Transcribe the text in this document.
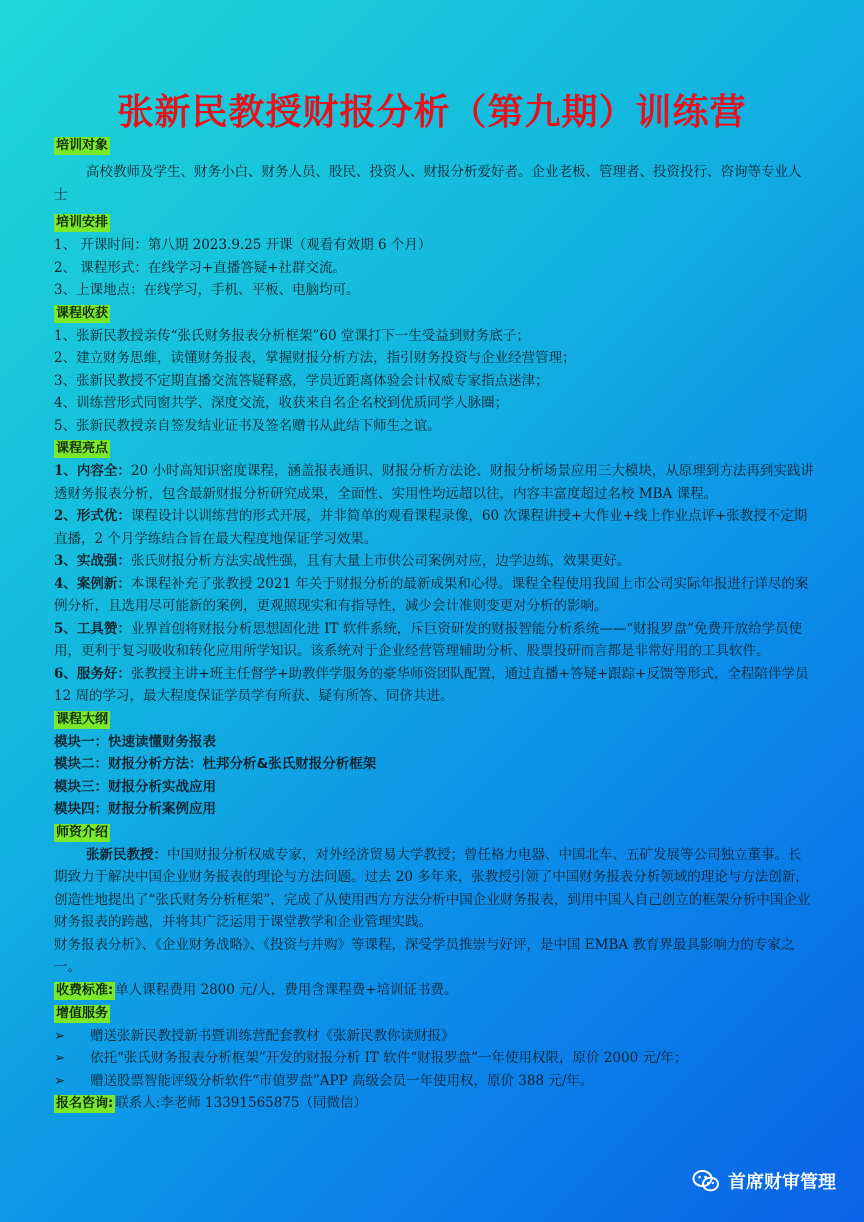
张新民教授财报分析（第九期）训练营
培训对象

高校教师及学生、财务小白、财务人员、股民、投资人、财报分析爱好者。企业老板、管理者、投资投行、咨询等专业人士

培训安排
1、 开课时间：第八期 2023.9.25 开课（观看有效期 6 个月）
2、 课程形式：在线学习+直播答疑+社群交流。
3、上课地点：在线学习，手机、平板、电脑均可。
课程收获
1、张新民教授亲传“张氏财务报表分析框架”60 堂课打下一生受益到财务底子；
2、建立财务思维，读懂财务报表，掌握财报分析方法，指引财务投资与企业经营管理；
3、张新民教授不定期直播交流答疑释惑，学员近距离体验会计权威专家指点迷津；
4、训练营形式同窗共学、深度交流，收获来自名企名校到优质同学人脉圈；
5、张新民教授亲自签发结业证书及签名赠书从此结下师生之谊。
课程亮点

1、内容全：20 小时高知识密度课程，涵盖报表通识、财报分析方法论、财报分析场景应用三大模块，从原理到方法再到实践讲透财务报表分析，包含最新财报分析研究成果，全面性、实用性均远超以往，内容丰富度超过名校 MBA 课程。

2、形式优：课程设计以训练营的形式开展，并非简单的观看课程录像，60 次课程讲授+大作业+线上作业点评+张教授不定期直播，2 个月学练结合旨在最大程度地保证学习效果。

3、实战强：张氏财报分析方法实战性强，且有大量上市供公司案例对应，边学边练，效果更好。

4、案例新：本课程补充了张教授 2021 年关于财报分析的最新成果和心得。课程全程使用我国上市公司实际年报进行详尽的案例分析，且选用尽可能新的案例，更观照现实和有指导性，减少会计准则变更对分析的影响。

5、工具赞：业界首创将财报分析思想固化进 IT 软件系统，斥巨资研发的财报智能分析系统——“财报罗盘”免费开放给学员使用，更利于复习吸收和转化应用所学知识。该系统对于企业经营管理辅助分析、股票投研而言都是非常好用的工具软件。

6、服务好：张教授主讲+班主任督学+助教伴学服务的豪华师资团队配置，通过直播+答疑+跟踪+反馈等形式，全程陪伴学员 12 周的学习，最大程度保证学员学有所获、疑有所答、同侪共进。

课程大纲
模块一：快速读懂财务报表
模块二：财报分析方法：杜邦分析&张氏财报分析框架
模块三：财报分析实战应用
模块四：财报分析案例应用
师资介绍

张新民教授：中国财报分析权威专家，对外经济贸易大学教授；曾任格力电器、中国北车、五矿发展等公司独立董事。长期致力于解决中国企业财务报表的理论与方法问题。过去 20 多年来，张教授引领了中国财务报表分析领域的理论与方法创新，创造性地提出了“张氏财务分析框架”，完成了从使用西方方法分析中国企业财务报表，到用中国人自己创立的框架分析中国企业财务报表的跨越，并将其广泛运用于课堂教学和企业管理实践。

财务报表分析》、《企业财务战略》、《投资与并购》等课程，深受学员推崇与好评，是中国 EMBA 教育界最具影响力的专家之一。

收费标准: 单人课程费用 2800 元/人，费用含课程费+培训证书费。
增值服务
➢ 赠送张新民教授新书暨训练营配套教材《张新民教你读财报》
➢ 依托“张氏财务报表分析框架”开发的财报分析 IT 软件“财报罗盘”一年使用权限，原价 2000 元/年；
➢ 赠送股票智能评级分析软件“市值罗盘”APP 高级会员一年使用权，原价 388 元/年。
报名咨询: 联系人:李老师 13391565875（同微信）
首席财审管理
